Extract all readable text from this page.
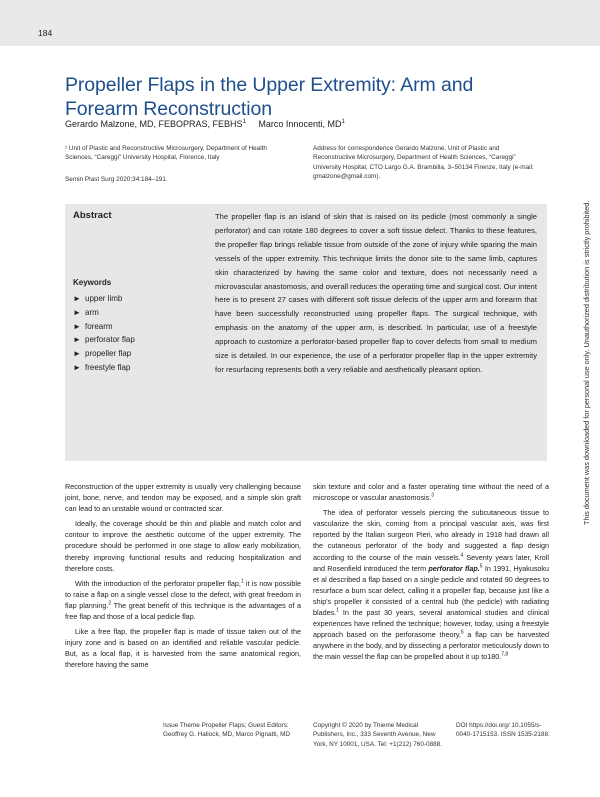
184
Propeller Flaps in the Upper Extremity: Arm and Forearm Reconstruction
Gerardo Malzone, MD, FEBOPRAS, FEBHS$^1$ Marco Innocenti, $MD^1$
¹ Unit of Plastic and Reconstructive Microsurgery, Department of Health Sciences, “Careggi” University Hospital, Florence, Italy
Semin Plast Surg 2020;34:184–191.
Address for correspondence Gerardo Malzone, Unit of Plastic and Reconstructive Microsurgery, Department of Health Sciences, “Careggi” University Hospital, CTO Largo G.A. Brambilla, 3–50134 Firenze, Italy (e-mail: gmalzone@gmail.com).
Abstract
Keywords
► upper limb
► arm
► forearm
► perforator flap
► propeller flap
► freestyle flap
The propeller flap is an island of skin that is raised on its pedicle (most commonly a single perforator) and can rotate 180 degrees to cover a soft tissue defect. Thanks to these features, the propeller flap brings reliable tissue from outside of the zone of injury while sparing the main vessels of the upper extremity. This technique limits the donor site to the same limb, captures skin characterized by having the same color and texture, does not necessarily need a microvascular anastomosis, and overall reduces the operating time and surgical cost. Our intent here is to present 27 cases with different soft tissue defects of the upper arm and forearm that have been successfully reconstructed using propeller flaps. The surgical technique, with emphasis on the anatomy of the upper arm, is described. In particular, use of a freestyle approach to customize a perforator-based propeller flap to cover defects from small to medium size is detailed. In our experience, the use of a perforator propeller flap in the upper extremity for resurfacing represents both a very reliable and aesthetically pleasant option.

Reconstruction of the upper extremity is usually very challenging because joint, bone, nerve, and tendon may be exposed, and a simple skin graft can lead to an unstable wound or contracted scar.

Ideally, the coverage should be thin and pliable and match color and contour to improve the aesthetic outcome of the upper extremity. The procedure should be performed in one stage to allow early mobilization, thereby improving functional results and reducing hospitalization and therefore costs.

With the introduction of the perforator propeller flap,$^1$ it is now possible to raise a flap on a single vessel close to the defect, with great freedom in flap planning.$^2$ The great benefit of this technique is the advantages of a free flap and those of a local pedicle flap.

Like a free flap, the propeller flap is made of tissue taken out of the injury zone and is based on an identified and reliable vascular pedicle. But, as a local flap, it is harvested from the same anatomical region, therefore having the same

skin texture and color and a faster operating time without the need of a microscope or vascular anastomosis.$^3$

The idea of perforator vessels piercing the subcutaneous tissue to vascularize the skin, coming from a principal vascular axis, was first reported by the Italian surgeon Pieri, who already in 1918 had drawn all the cutaneous perforator of the body and suggested a flap design according to the course of the main vessels.$^4$ Seventy years later, Kroll and Rosenfield introduced the term perforator flap.$^5$ In 1991, Hyakusoku et al described a flap based on a single pedicle and rotated 90 degrees to resurface a burn scar defect, calling it a propeller flap, because just like a ship's propeller it consisted of a central hub (the pedicle) with radiating blades.$^1$ In the past 30 years, several anatomical studies and clinical experiences have refined the technique; however, today, using a freestyle approach based on the perforasome theory,$^6$ a flap can be harvested anywhere in the body, and by dissecting a perforator meticulously down to the main vessel the flap can be propelled about it up to180.$^{7,8}$

Issue Theme Propeller Flaps; Guest Editors: Geoffrey G. Hallock, MD, Marco Pignatti, MD
Copyright © 2020 by Thieme Medical Publishers, Inc., 333 Seventh Avenue, New York, NY 10001, USA. Tel: +1(212) 760-0888.
DOI https://doi.org/ 10.1055/s-0040-1715153. ISSN 1535-2188.
This document was downloaded for personal use only. Unauthorized distribution is strictly prohibited.
